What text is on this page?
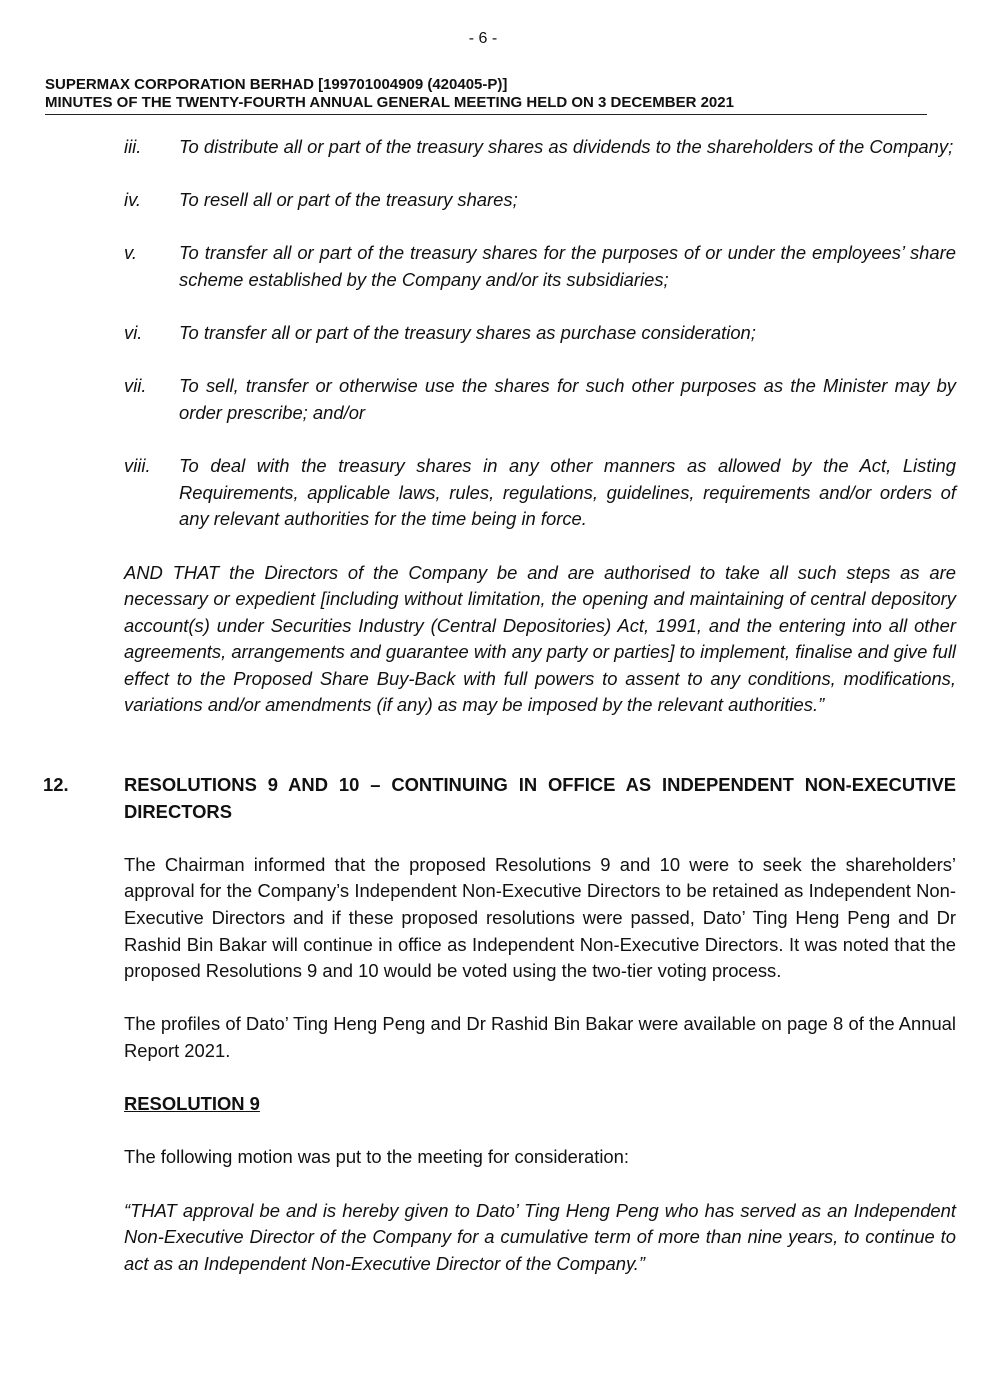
- 6 -
SUPERMAX CORPORATION BERHAD [199701004909 (420405-P)]
MINUTES OF THE TWENTY-FOURTH ANNUAL GENERAL MEETING HELD ON 3 DECEMBER 2021
iii. To distribute all or part of the treasury shares as dividends to the shareholders of the Company;
iv. To resell all or part of the treasury shares;
v. To transfer all or part of the treasury shares for the purposes of or under the employees’ share scheme established by the Company and/or its subsidiaries;
vi. To transfer all or part of the treasury shares as purchase consideration;
vii. To sell, transfer or otherwise use the shares for such other purposes as the Minister may by order prescribe; and/or
viii. To deal with the treasury shares in any other manners as allowed by the Act, Listing Requirements, applicable laws, rules, regulations, guidelines, requirements and/or orders of any relevant authorities for the time being in force.
AND THAT the Directors of the Company be and are authorised to take all such steps as are necessary or expedient [including without limitation, the opening and maintaining of central depository account(s) under Securities Industry (Central Depositories) Act, 1991, and the entering into all other agreements, arrangements and guarantee with any party or parties] to implement, finalise and give full effect to the Proposed Share Buy-Back with full powers to assent to any conditions, modifications, variations and/or amendments (if any) as may be imposed by the relevant authorities.”
12.	RESOLUTIONS 9 AND 10 – CONTINUING IN OFFICE AS INDEPENDENT NON-EXECUTIVE DIRECTORS
The Chairman informed that the proposed Resolutions 9 and 10 were to seek the shareholders’ approval for the Company’s Independent Non-Executive Directors to be retained as Independent Non-Executive Directors and if these proposed resolutions were passed, Dato’ Ting Heng Peng and Dr Rashid Bin Bakar will continue in office as Independent Non-Executive Directors. It was noted that the proposed Resolutions 9 and 10 would be voted using the two-tier voting process.
The profiles of Dato’ Ting Heng Peng and Dr Rashid Bin Bakar were available on page 8 of the Annual Report 2021.
RESOLUTION 9
The following motion was put to the meeting for consideration:
“THAT approval be and is hereby given to Dato’ Ting Heng Peng who has served as an Independent Non-Executive Director of the Company for a cumulative term of more than nine years, to continue to act as an Independent Non-Executive Director of the Company.”
